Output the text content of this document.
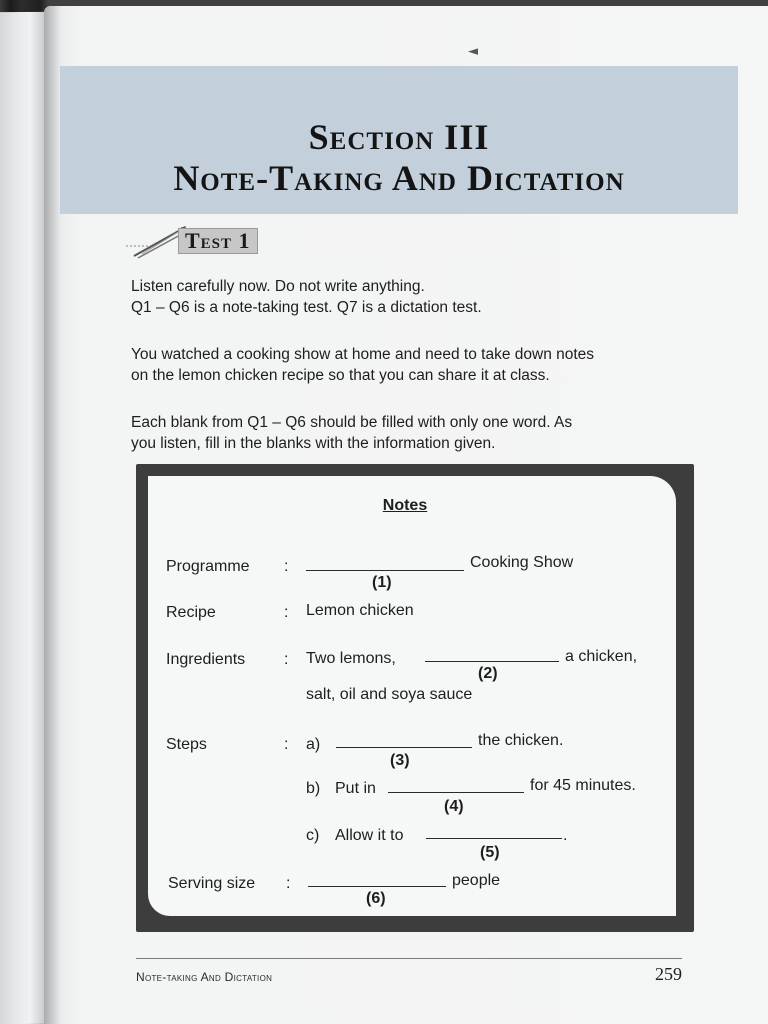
◄
Section III
Note-Taking And Dictation
Test 1

Listen carefully now. Do not write anything.

Q1 – Q6 is a note-taking test. Q7 is a dictation test.

You watched a cooking show at home and need to take down notes

on the lemon chicken recipe so that you can share it at class.

Each blank from Q1 – Q6 should be filled with only one word. As

you listen, fill in the blanks with the information given.

Notes
Programme :	Cooking Show
(1)
Recipe	: Lemon chicken
Ingredients : Two lemons,	a chicken,
(2)
salt, oil and soya sauce
Steps	: a)	the chicken.
(3)
b) Put in	for 45 minutes.
(4)
c) Allow it to	.
(5)
Serving size :	people
(6)
Note-taking And Dictation	259
